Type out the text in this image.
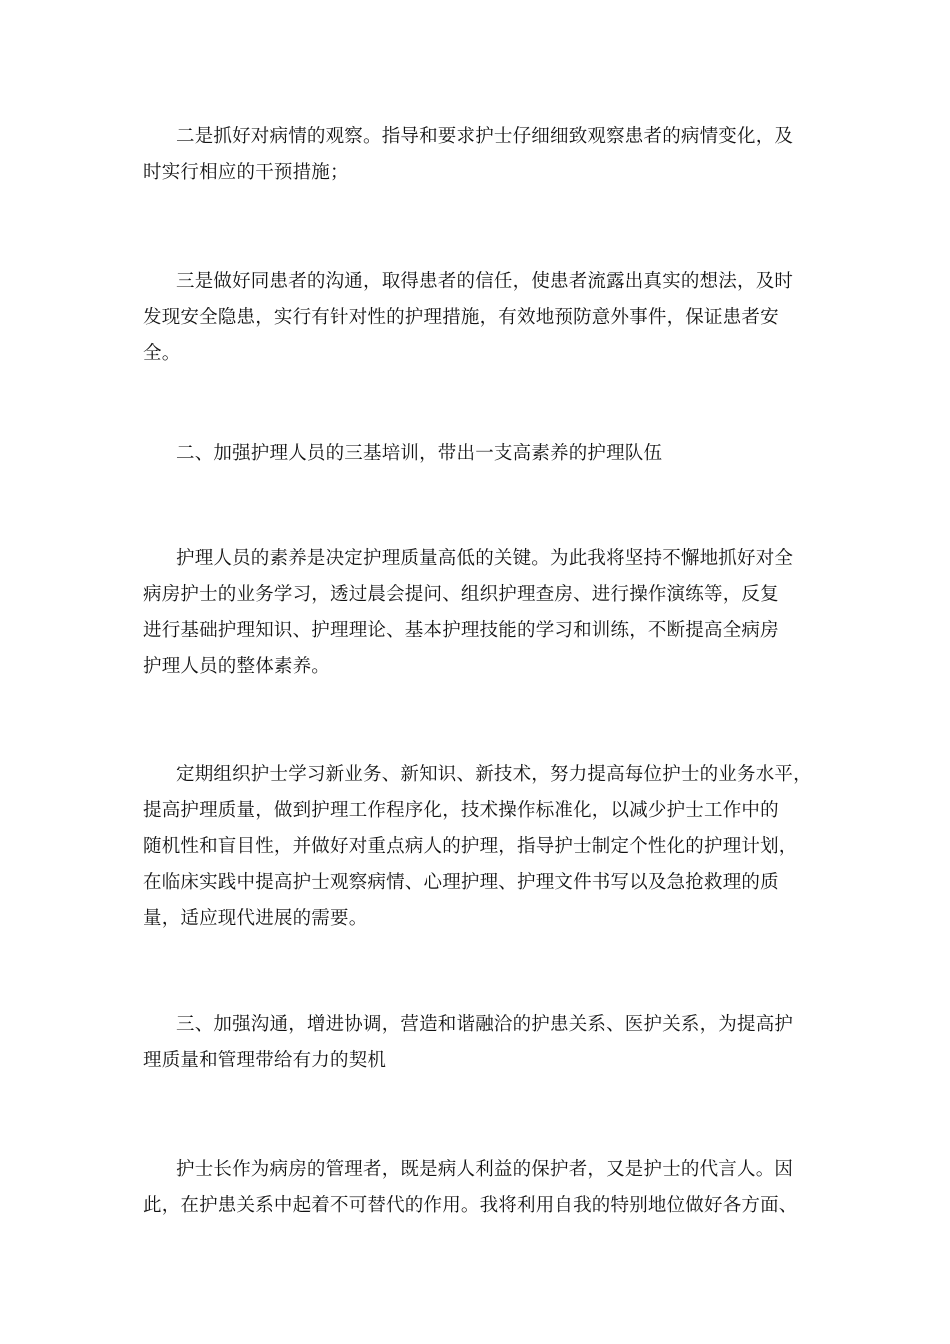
二是抓好对病情的观察。指导和要求护士仔细细致观察患者的病情变化，及
时实行相应的干预措施；
三是做好同患者的沟通，取得患者的信任，使患者流露出真实的想法，及时
发现安全隐患，实行有针对性的护理措施，有效地预防意外事件，保证患者安
全。
二、加强护理人员的三基培训，带出一支高素养的护理队伍
护理人员的素养是决定护理质量高低的关键。为此我将坚持不懈地抓好对全
病房护士的业务学习，透过晨会提问、组织护理查房、进行操作演练等，反复
进行基础护理知识、护理理论、基本护理技能的学习和训练，不断提高全病房
护理人员的整体素养。
定期组织护士学习新业务、新知识、新技术，努力提高每位护士的业务水平，
提高护理质量，做到护理工作程序化，技术操作标准化，以减少护士工作中的
随机性和盲目性，并做好对重点病人的护理，指导护士制定个性化的护理计划，
在临床实践中提高护士观察病情、心理护理、护理文件书写以及急抢救理的质
量，适应现代进展的需要。
三、加强沟通，增进协调，营造和谐融洽的护患关系、医护关系，为提高护
理质量和管理带给有力的契机
护士长作为病房的管理者，既是病人利益的保护者，又是护士的代言人。因
此，在护患关系中起着不可替代的作用。我将利用自我的特别地位做好各方面、
